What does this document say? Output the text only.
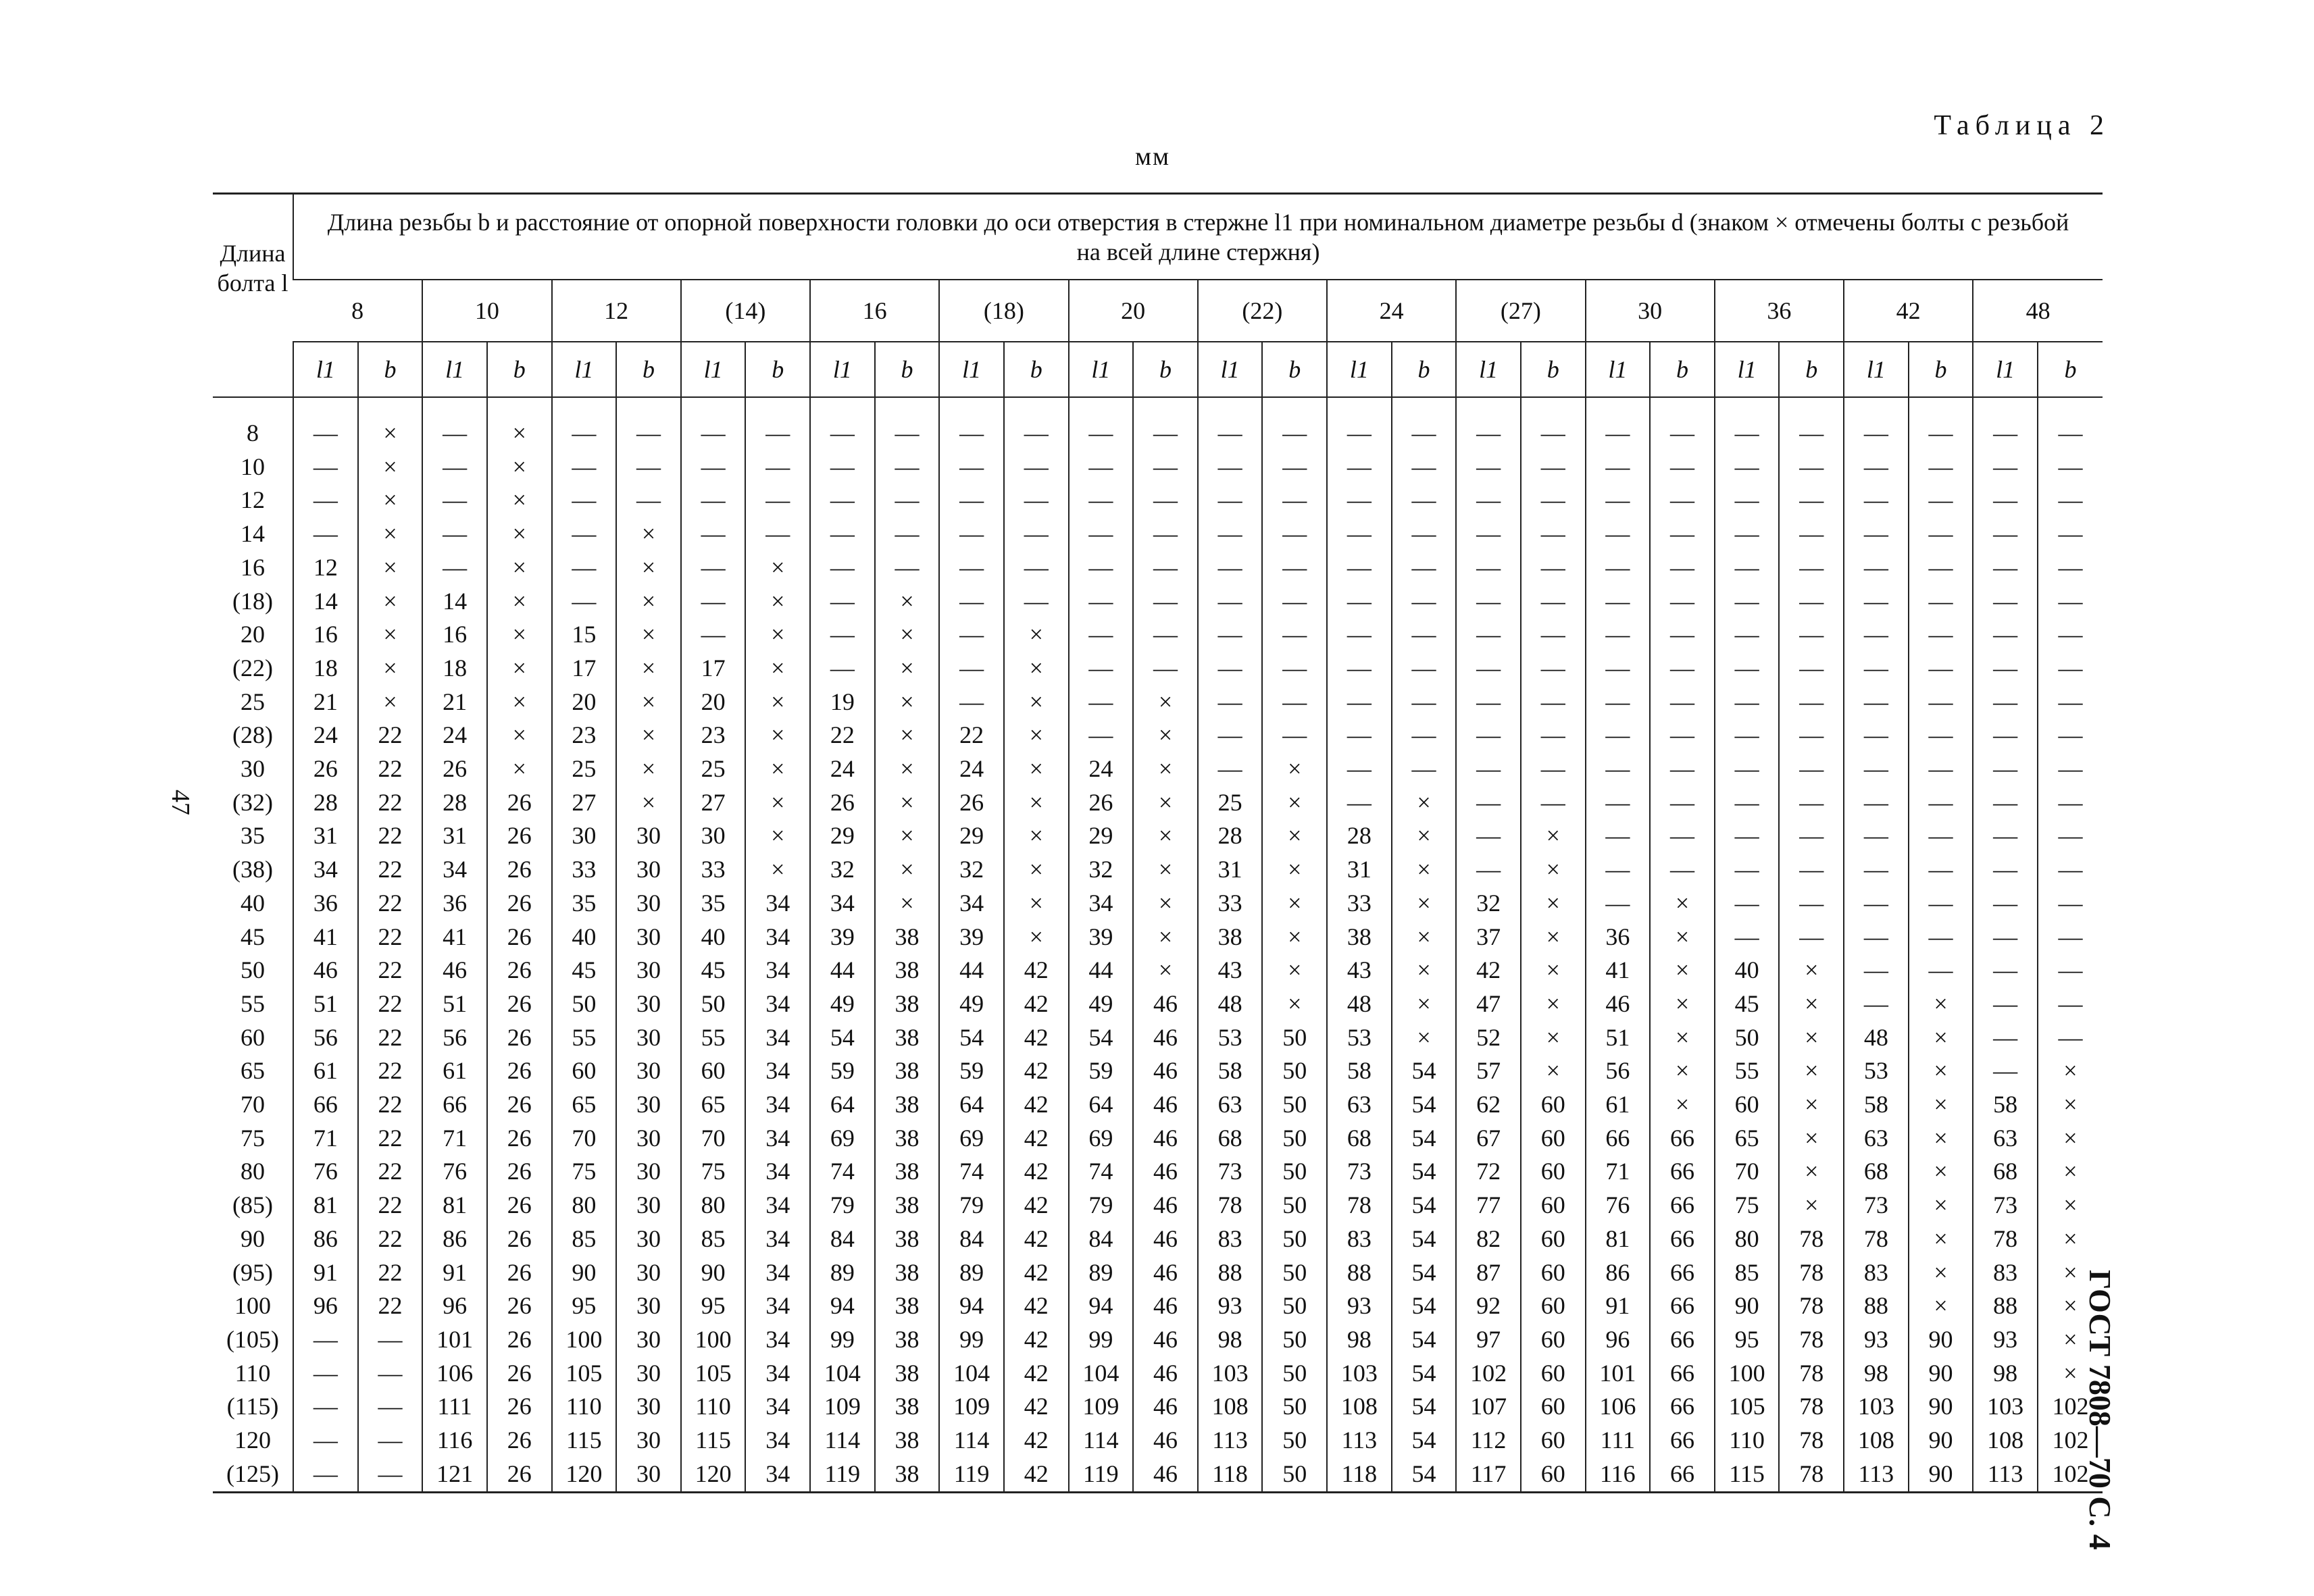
Таблица 2
мм
47
ГОСТ 7808—70 С. 4
Длина болта l	Длина резьбы b и расстояние от опорной поверхности головки до оси отверстия в стержне l1 при номинальном диаметре резьбы d (знаком × отмечены болты с резьбой на всей длине стержня)																											

	8		10		12		(14)		16		(18)		20		(22)		24		(27)		30		36		42		48	
	l1	b	l1	b	l1	b	l1	b	l1	b	l1	b	l1	b	l1	b	l1	b	l1	b	l1	b	l1	b	l1	b	l1	b

8	—	×	—	×	—	—	—	—	—	—	—	—	—	—	—	—	—	—	—	—	—	—	—	—	—	—	—	—
10	—	×	—	×	—	—	—	—	—	—	—	—	—	—	—	—	—	—	—	—	—	—	—	—	—	—	—	—
12	—	×	—	×	—	—	—	—	—	—	—	—	—	—	—	—	—	—	—	—	—	—	—	—	—	—	—	—
14	—	×	—	×	—	×	—	—	—	—	—	—	—	—	—	—	—	—	—	—	—	—	—	—	—	—	—	—
16	12	×	—	×	—	×	—	×	—	—	—	—	—	—	—	—	—	—	—	—	—	—	—	—	—	—	—	—
(18)	14	×	14	×	—	×	—	×	—	×	—	—	—	—	—	—	—	—	—	—	—	—	—	—	—	—	—	—
20	16	×	16	×	15	×	—	×	—	×	—	×	—	—	—	—	—	—	—	—	—	—	—	—	—	—	—	—
(22)	18	×	18	×	17	×	17	×	—	×	—	×	—	—	—	—	—	—	—	—	—	—	—	—	—	—	—	—
25	21	×	21	×	20	×	20	×	19	×	—	×	—	×	—	—	—	—	—	—	—	—	—	—	—	—	—	—
(28)	24	22	24	×	23	×	23	×	22	×	22	×	—	×	—	—	—	—	—	—	—	—	—	—	—	—	—	—
30	26	22	26	×	25	×	25	×	24	×	24	×	24	×	—	×	—	—	—	—	—	—	—	—	—	—	—	—
(32)	28	22	28	26	27	×	27	×	26	×	26	×	26	×	25	×	—	×	—	—	—	—	—	—	—	—	—	—
35	31	22	31	26	30	30	30	×	29	×	29	×	29	×	28	×	28	×	—	×	—	—	—	—	—	—	—	—
(38)	34	22	34	26	33	30	33	×	32	×	32	×	32	×	31	×	31	×	—	×	—	—	—	—	—	—	—	—
40	36	22	36	26	35	30	35	34	34	×	34	×	34	×	33	×	33	×	32	×	—	×	—	—	—	—	—	—
45	41	22	41	26	40	30	40	34	39	38	39	×	39	×	38	×	38	×	37	×	36	×	—	—	—	—	—	—
50	46	22	46	26	45	30	45	34	44	38	44	42	44	×	43	×	43	×	42	×	41	×	40	×	—	—	—	—
55	51	22	51	26	50	30	50	34	49	38	49	42	49	46	48	×	48	×	47	×	46	×	45	×	—	×	—	—
60	56	22	56	26	55	30	55	34	54	38	54	42	54	46	53	50	53	×	52	×	51	×	50	×	48	×	—	—
65	61	22	61	26	60	30	60	34	59	38	59	42	59	46	58	50	58	54	57	×	56	×	55	×	53	×	—	×
70	66	22	66	26	65	30	65	34	64	38	64	42	64	46	63	50	63	54	62	60	61	×	60	×	58	×	58	×
75	71	22	71	26	70	30	70	34	69	38	69	42	69	46	68	50	68	54	67	60	66	66	65	×	63	×	63	×
80	76	22	76	26	75	30	75	34	74	38	74	42	74	46	73	50	73	54	72	60	71	66	70	×	68	×	68	×
(85)	81	22	81	26	80	30	80	34	79	38	79	42	79	46	78	50	78	54	77	60	76	66	75	×	73	×	73	×
90	86	22	86	26	85	30	85	34	84	38	84	42	84	46	83	50	83	54	82	60	81	66	80	78	78	×	78	×
(95)	91	22	91	26	90	30	90	34	89	38	89	42	89	46	88	50	88	54	87	60	86	66	85	78	83	×	83	×
100	96	22	96	26	95	30	95	34	94	38	94	42	94	46	93	50	93	54	92	60	91	66	90	78	88	×	88	×
(105)	—	—	101	26	100	30	100	34	99	38	99	42	99	46	98	50	98	54	97	60	96	66	95	78	93	90	93	×
110	—	—	106	26	105	30	105	34	104	38	104	42	104	46	103	50	103	54	102	60	101	66	100	78	98	90	98	×
(115)	—	—	111	26	110	30	110	34	109	38	109	42	109	46	108	50	108	54	107	60	106	66	105	78	103	90	103	102
120	—	—	116	26	115	30	115	34	114	38	114	42	114	46	113	50	113	54	112	60	111	66	110	78	108	90	108	102
(125)	—	—	121	26	120	30	120	34	119	38	119	42	119	46	118	50	118	54	117	60	116	66	115	78	113	90	113	102
